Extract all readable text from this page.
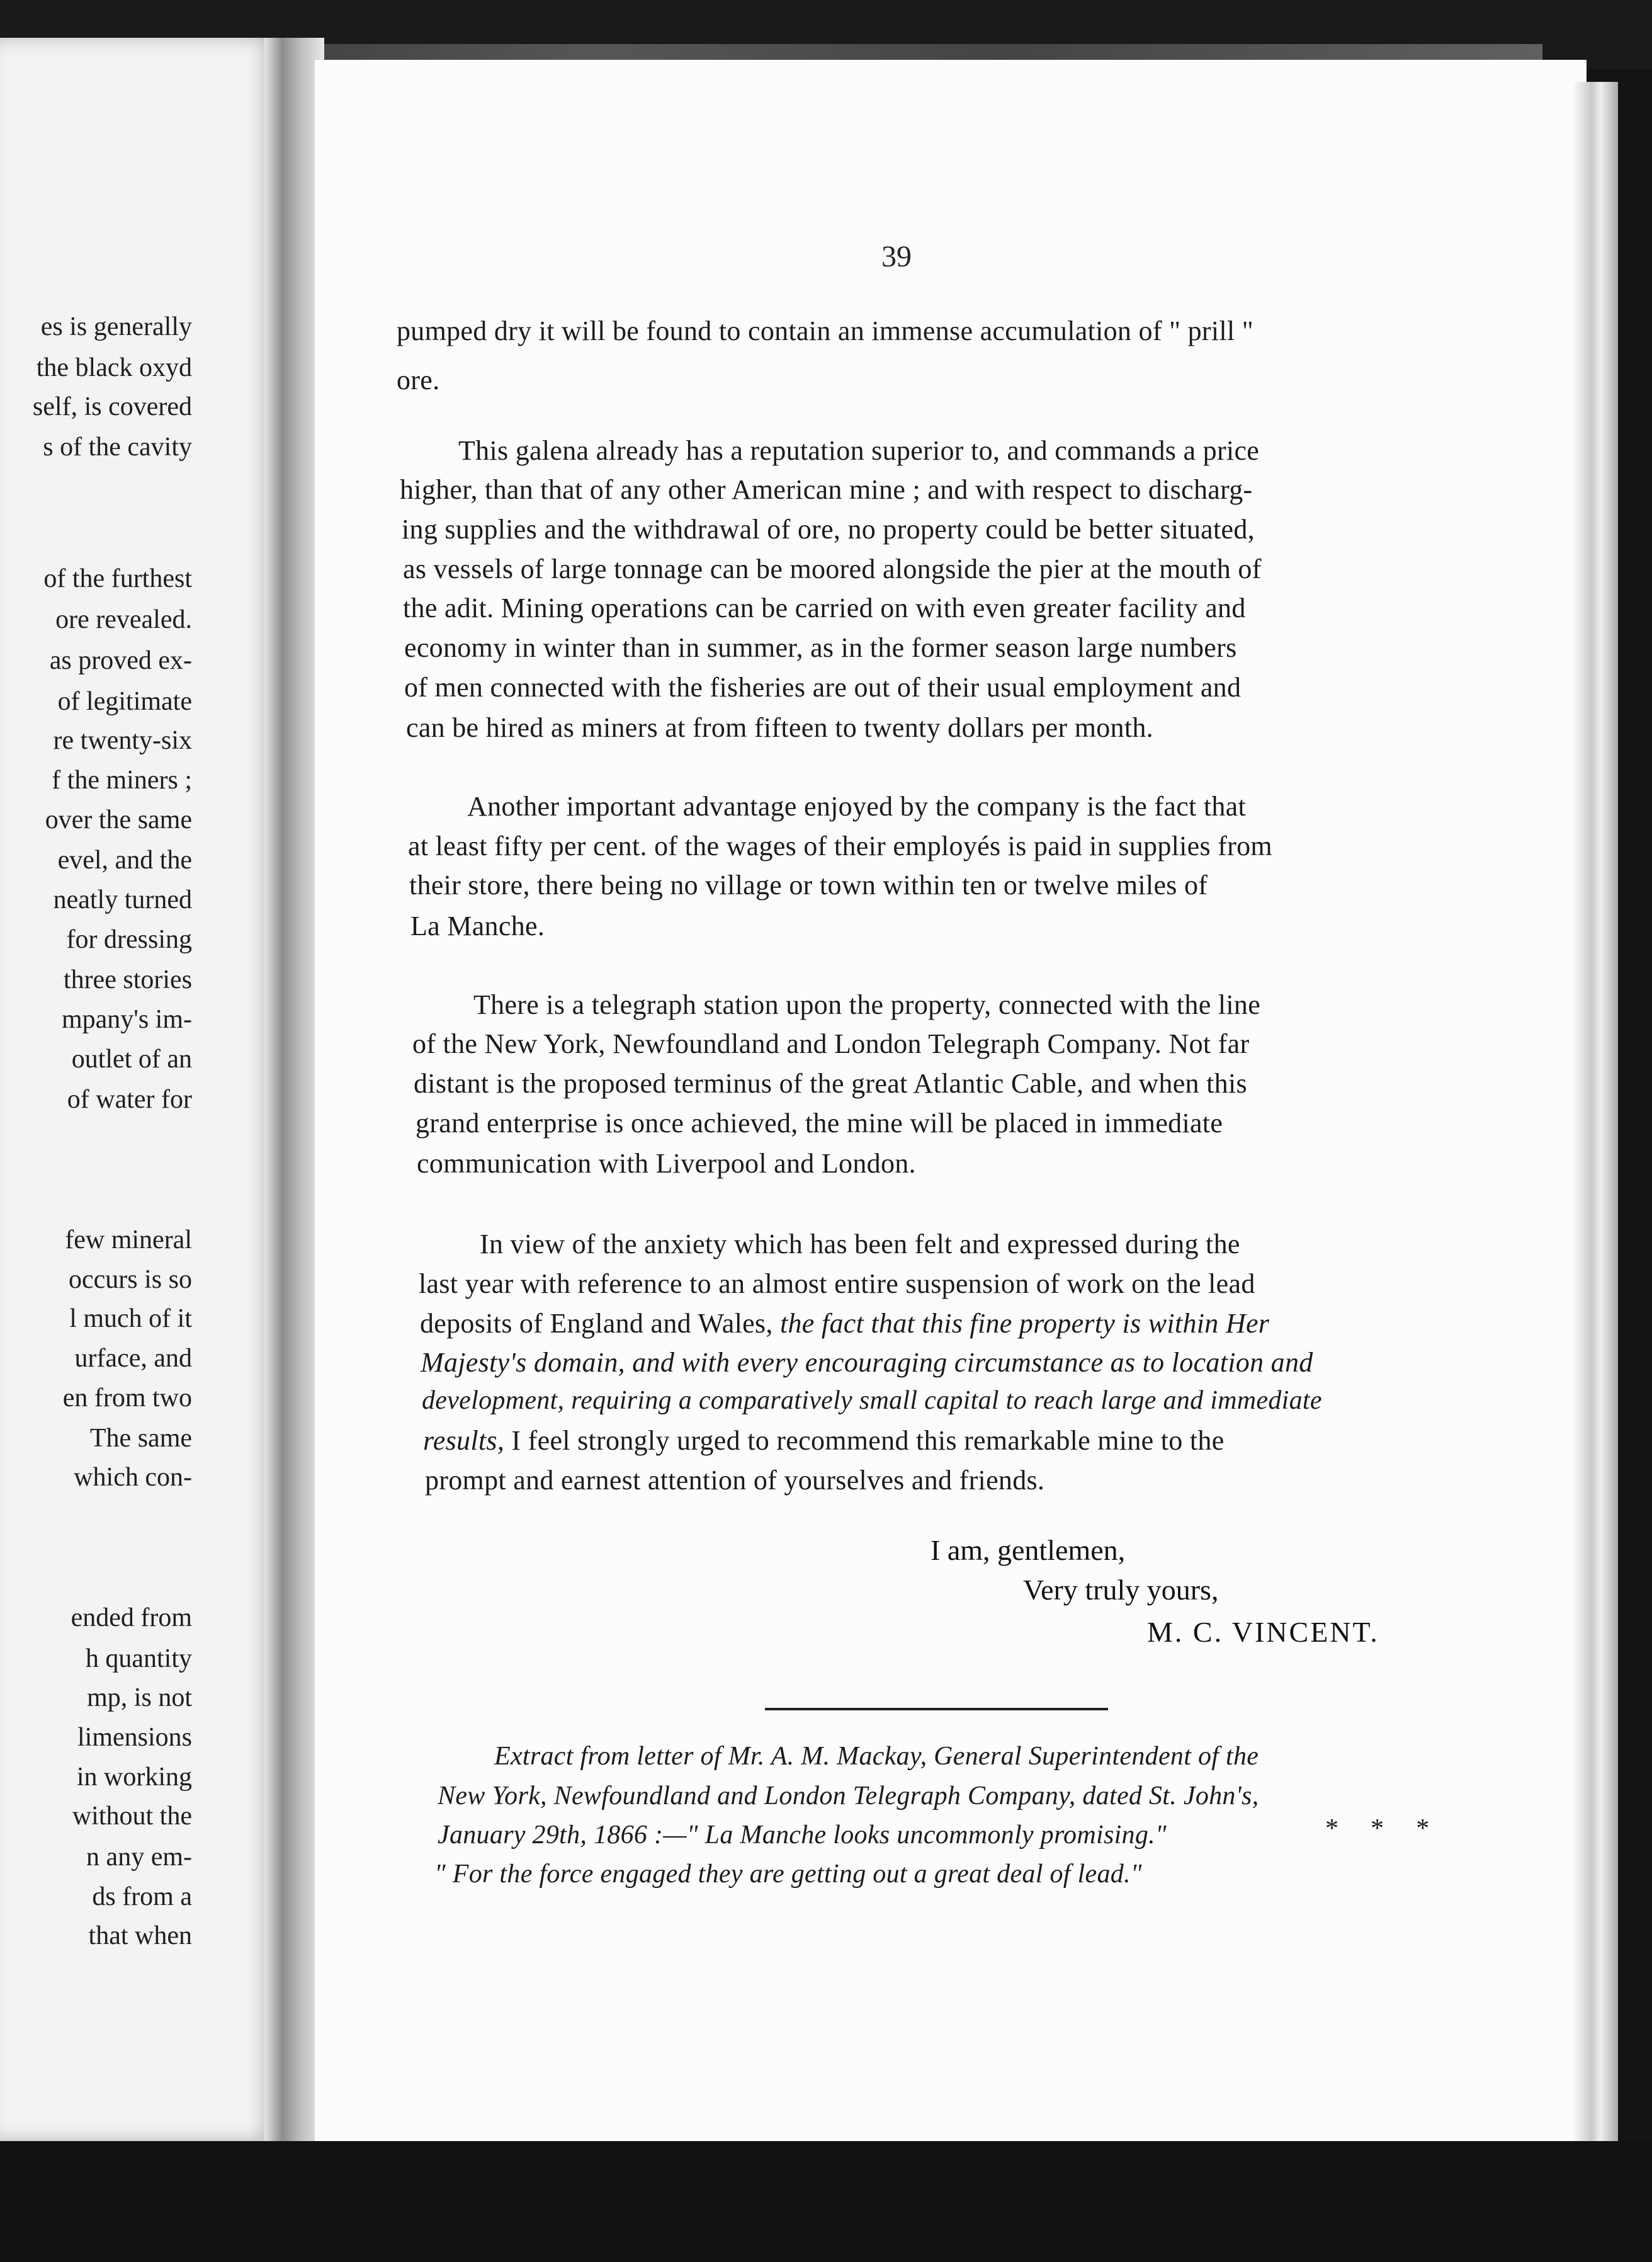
es is generally
the black oxyd
self, is covered
s of the cavity
of the furthest
ore revealed.
as proved ex-
of legitimate
re twenty-six
f the miners ;
over the same
evel, and the
neatly turned
for dressing
three stories
mpany's im-
outlet of an
of water for
few mineral
occurs is so
l much of it
urface, and
en from two
The same
which con-
ended from
h quantity
mp, is not
limensions
in working
without the
n any em-
ds from a
that when
39
pumped dry it will be found to contain an immense accumulation of " prill "
ore.
This galena already has a reputation superior to, and commands a price
higher, than that of any other American mine ; and with respect to discharg-
ing supplies and the withdrawal of ore, no property could be better situated,
as vessels of large tonnage can be moored alongside the pier at the mouth of
the adit. Mining operations can be carried on with even greater facility and
economy in winter than in summer, as in the former season large numbers
of men connected with the fisheries are out of their usual employment and
can be hired as miners at from fifteen to twenty dollars per month.
Another important advantage enjoyed by the company is the fact that
at least fifty per cent. of the wages of their employés is paid in supplies from
their store, there being no village or town within ten or twelve miles of
La Manche.
There is a telegraph station upon the property, connected with the line
of the New York, Newfoundland and London Telegraph Company. Not far
distant is the proposed terminus of the great Atlantic Cable, and when this
grand enterprise is once achieved, the mine will be placed in immediate
communication with Liverpool and London.
In view of the anxiety which has been felt and expressed during the
last year with reference to an almost entire suspension of work on the lead
deposits of England and Wales, the fact that this fine property is within Her
Majesty's domain, and with every encouraging circumstance as to location and
development, requiring a comparatively small capital to reach large and immediate
results, I feel strongly urged to recommend this remarkable mine to the
prompt and earnest attention of yourselves and friends.
I am, gentlemen,
Very truly yours,
M. C. VINCENT.
Extract from letter of Mr. A. M. Mackay, General Superintendent of the
New York, Newfoundland and London Telegraph Company, dated St. John's,
January 29th, 1866 :—" La Manche looks uncommonly promising."	* * *
" For the force engaged they are getting out a great deal of lead."
